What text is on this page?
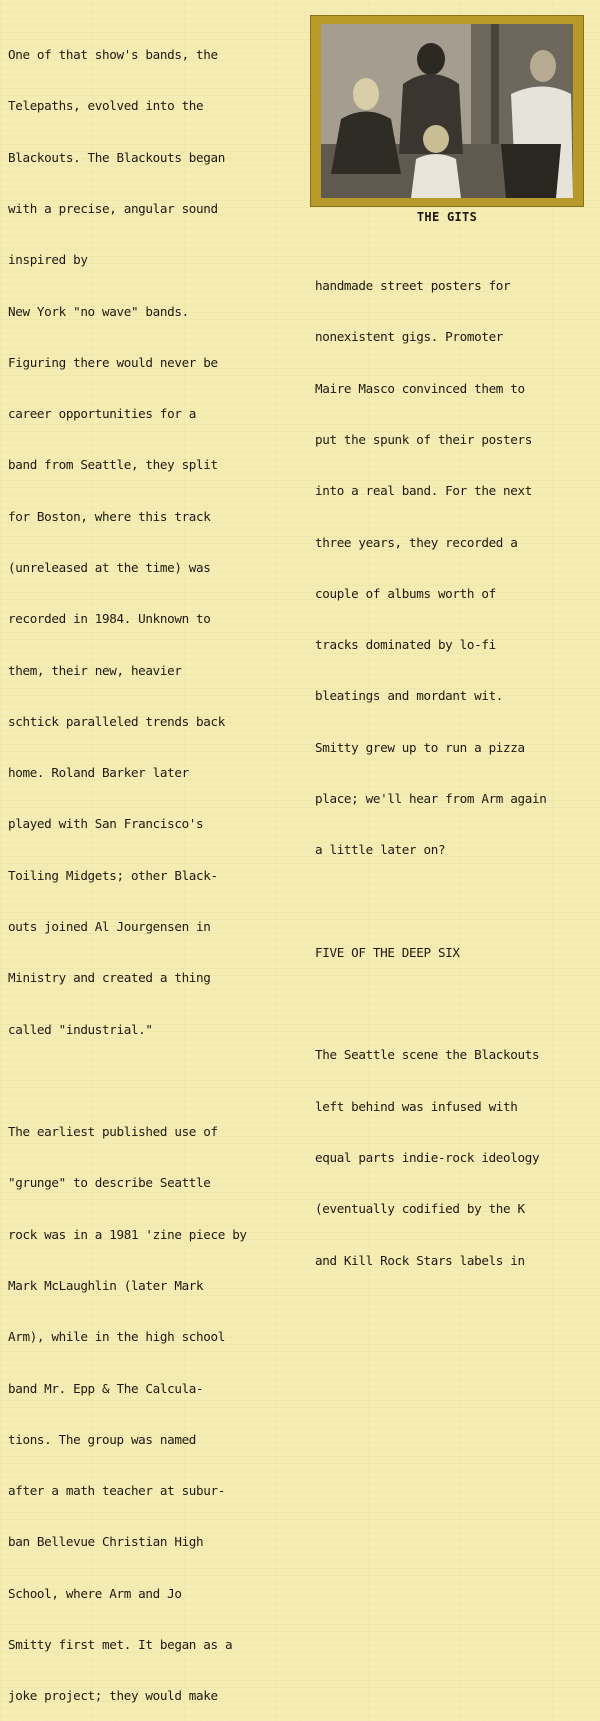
One of that show's bands, the

Telepaths, evolved into the

Blackouts. The Blackouts began

with a precise, angular sound

inspired by

New York "no wave" bands.

Figuring there would never be

career opportunities for a

band from Seattle, they split

for Boston, where this track

(unreleased at the time) was

recorded in 1984. Unknown to

them, their new, heavier

schtick paralleled trends back

home. Roland Barker later

played with San Francisco's

Toiling Midgets; other Black-

outs joined Al Jourgensen in

Ministry and created a thing

called "industrial."

The earliest published use of

"grunge" to describe Seattle

rock was in a 1981 'zine piece by

Mark McLaughlin (later Mark

Arm), while in the high school

band Mr. Epp & The Calcula-

tions. The group was named

after a math teacher at subur-

ban Bellevue Christian High

School, where Arm and Jo

Smitty first met. It began as a

joke project; they would make

THE GITS

handmade street posters for

nonexistent gigs. Promoter

Maire Masco convinced them to

put the spunk of their posters

into a real band. For the next

three years, they recorded a

couple of albums worth of

tracks dominated by lo-fi

bleatings and mordant wit.

Smitty grew up to run a pizza

place; we'll hear from Arm again

a little later on?

FIVE OF THE DEEP SIX

The Seattle scene the Blackouts

left behind was infused with

equal parts indie-rock ideology

(eventually codified by the K

and Kill Rock Stars labels in
